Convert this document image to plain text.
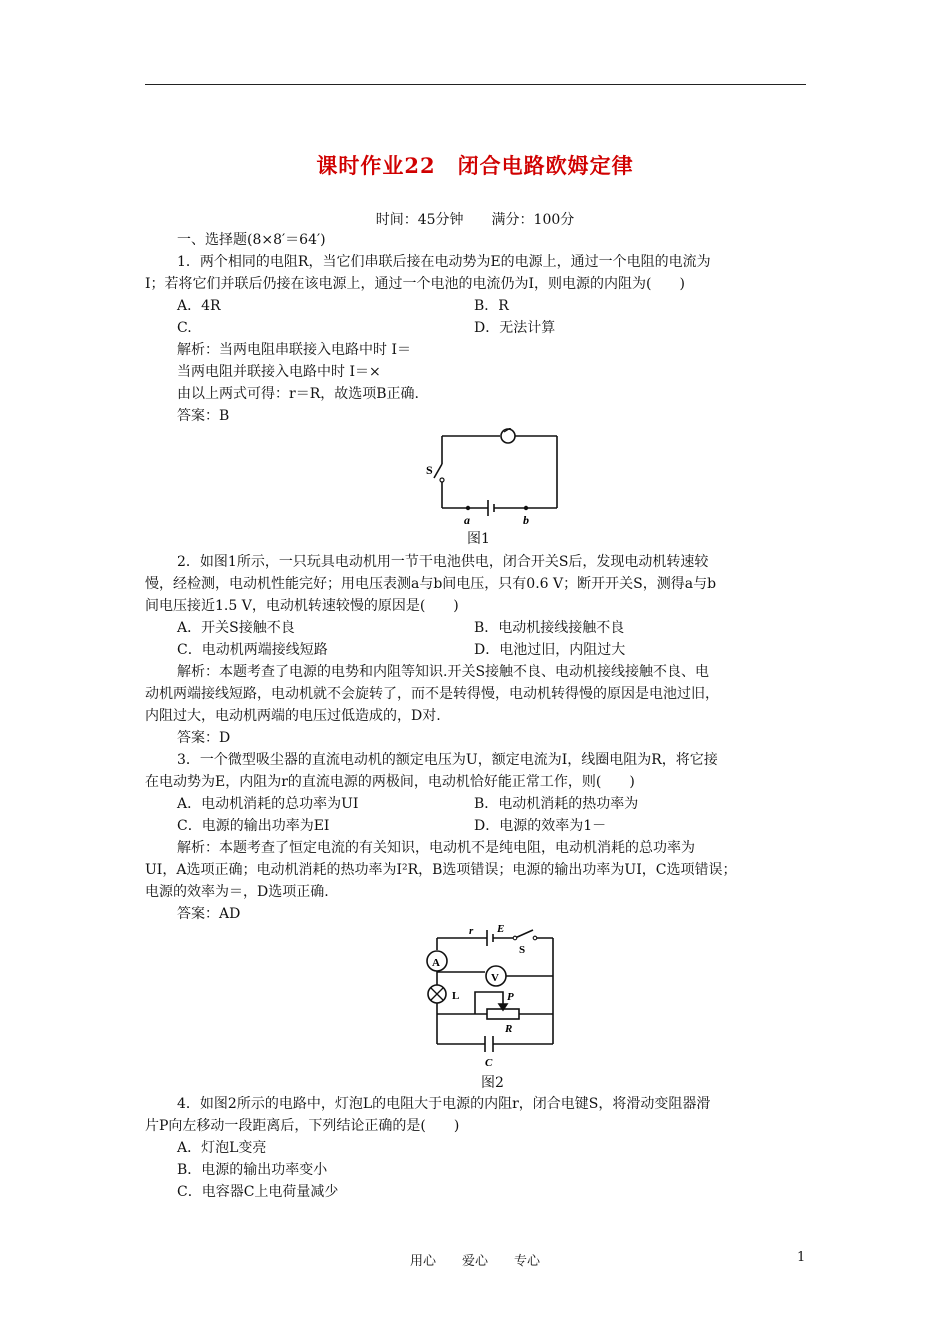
课时作业22　闭合电路欧姆定律
时间：45分钟　　满分：100分
一、选择题(8×8′＝64′)
1．两个相同的电阻R，当它们串联后接在电动势为E的电源上，通过一个电阻的电流为
I；若将它们并联后仍接在该电源上，通过一个电池的电流仍为I，则电源的内阻为(　　)
A．4R	B．R
C.	D．无法计算
解析：当两电阻串联接入电路中时 I＝
当两电阻并联接入电路中时 I＝×
由以上两式可得：r＝R，故选项B正确.
答案：B
S
a	b
图1
2．如图1所示，一只玩具电动机用一节干电池供电，闭合开关S后，发现电动机转速较
慢，经检测，电动机性能完好；用电压表测a与b间电压，只有0.6 V；断开开关S，测得a与b
间电压接近1.5 V，电动机转速较慢的原因是(　　)
A．开关S接触不良	B．电动机接线接触不良
C．电动机两端接线短路	D．电池过旧，内阻过大
解析：本题考查了电源的电势和内阻等知识.开关S接触不良、电动机接线接触不良、电
动机两端接线短路，电动机就不会旋转了，而不是转得慢，电动机转得慢的原因是电池过旧，
内阻过大，电动机两端的电压过低造成的，D对.
答案：D
3．一个微型吸尘器的直流电动机的额定电压为U，额定电流为I，线圈电阻为R，将它接
在电动势为E，内阻为r的直流电源的两极间，电动机恰好能正常工作，则(　　)
A．电动机消耗的总功率为UI	B．电动机消耗的热功率为
C．电源的输出功率为EI	D．电源的效率为1－
解析：本题考查了恒定电流的有关知识，电动机不是纯电阻，电动机消耗的总功率为
UI，A选项正确；电动机消耗的热功率为I²R，B选项错误；电源的输出功率为UI，C选项错误；
电源的效率为＝，D选项正确.
答案：AD
r E
S
A
V
L	P
R
C
图2
4．如图2所示的电路中，灯泡L的电阻大于电源的内阻r，闭合电键S，将滑动变阻器滑
片P向左移动一段距离后，下列结论正确的是(　　)
A．灯泡L变亮
B．电源的输出功率变小
C．电容器C上电荷量减少
用心　　爱心　　专心	1
